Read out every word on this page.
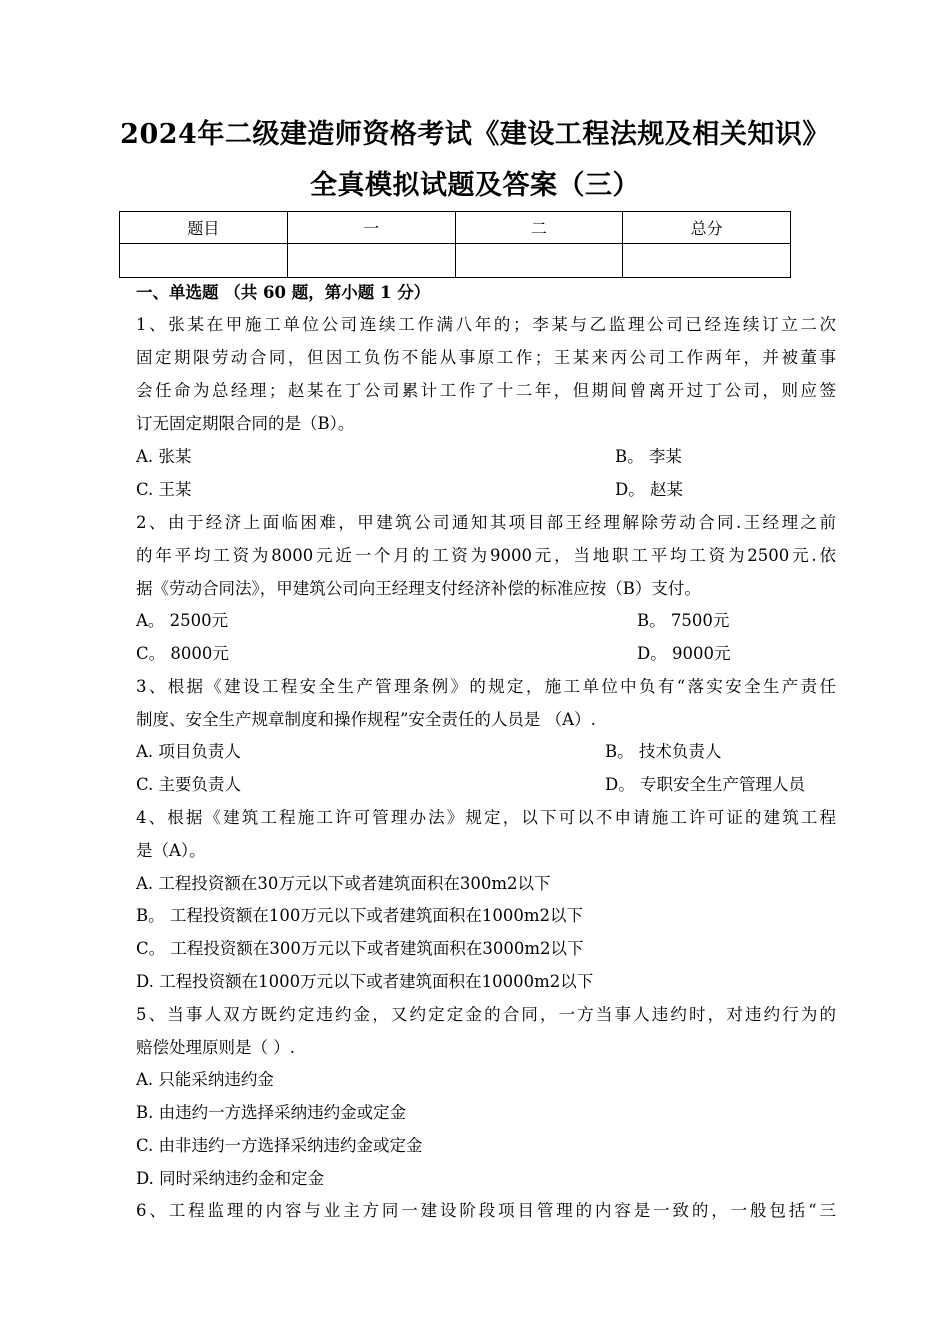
2024年二级建造师资格考试《建设工程法规及相关知识》
全真模拟试题及答案（三）
题目	一	二	总分

一、单选题 （共 60 题，第小题 1 分）
1、张某在甲施工单位公司连续工作满八年的；李某与乙监理公司已经连续订立二次
固定期限劳动合同，但因工负伤不能从事原工作；王某来丙公司工作两年，并被董事
会任命为总经理；赵某在丁公司累计工作了十二年，但期间曾离开过丁公司，则应签
订无固定期限合同的是（B）。
A. 张某	B。 李某
C. 王某	D。 赵某
2、由于经济上面临困难，甲建筑公司通知其项目部王经理解除劳动合同.王经理之前
的年平均工资为8000元近一个月的工资为9000元，当地职工平均工资为2500元.依
据《劳动合同法》，甲建筑公司向王经理支付经济补偿的标准应按（B）支付。
A。 2500元	B。 7500元
C。 8000元	D。 9000元
3、根据《建设工程安全生产管理条例》的规定，施工单位中负有“落实安全生产责任
制度、安全生产规章制度和操作规程”安全责任的人员是 （A）.
A. 项目负责人	B。 技术负责人
C. 主要负责人	D。 专职安全生产管理人员
4、根据《建筑工程施工许可管理办法》规定，以下可以不申请施工许可证的建筑工程
是（A）。
A. 工程投资额在30万元以下或者建筑面积在300m2以下
B。 工程投资额在100万元以下或者建筑面积在1000m2以下
C。 工程投资额在300万元以下或者建筑面积在3000m2以下
D. 工程投资额在1000万元以下或者建筑面积在10000m2以下
5、当事人双方既约定违约金，又约定定金的合同，一方当事人违约时，对违约行为的
赔偿处理原则是（ ）.
A. 只能采纳违约金
B. 由违约一方选择采纳违约金或定金
C. 由非违约一方选择采纳违约金或定金
D. 同时采纳违约金和定金
6、工程监理的内容与业主方同一建设阶段项目管理的内容是一致的，一般包括“三
